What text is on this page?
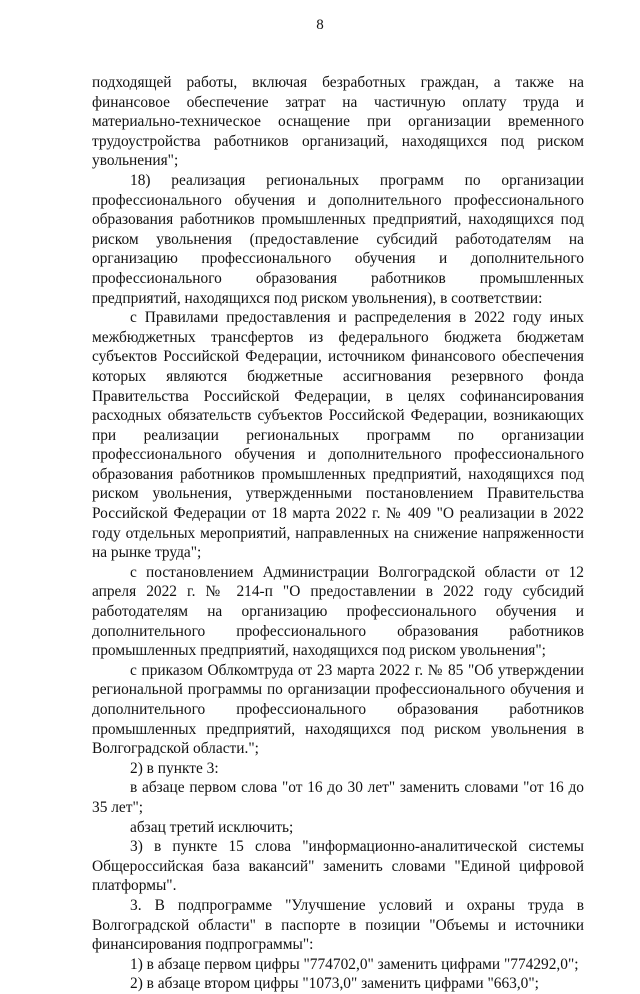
8

подходящей работы, включая безработных граждан, а также на финансовое обеспечение затрат на частичную оплату труда и материально-техническое оснащение при организации временного трудоустройства работников организаций, находящихся под риском увольнения";

18) реализация региональных программ по организации профессионального обучения и дополнительного профессионального образования работников промышленных предприятий, находящихся под риском увольнения (предоставление субсидий работодателям на организацию профессионального обучения и дополнительного профессионального образования работников промышленных предприятий, находящихся под риском увольнения), в соответствии:

с Правилами предоставления и распределения в 2022 году иных межбюджетных трансфертов из федерального бюджета бюджетам субъектов Российской Федерации, источником финансового обеспечения которых являются бюджетные ассигнования резервного фонда Правительства Российской Федерации, в целях софинансирования расходных обязательств субъектов Российской Федерации, возникающих при реализации региональных программ по организации профессионального обучения и дополнительного профессионального образования работников промышленных предприятий, находящихся под риском увольнения, утвержденными постановлением Правительства Российской Федерации от 18 марта 2022 г. № 409 "О реализации в 2022 году отдельных мероприятий, направленных на снижение напряженности на рынке труда";

с постановлением Администрации Волгоградской области от 12 апреля 2022 г. № 214-п "О предоставлении в 2022 году субсидий работодателям на организацию профессионального обучения и дополнительного профессионального образования работников промышленных предприятий, находящихся под риском увольнения";

с приказом Облкомтруда от 23 марта 2022 г. № 85 "Об утверждении региональной программы по организации профессионального обучения и дополнительного профессионального образования работников промышленных предприятий, находящихся под риском увольнения в Волгоградской области.";

2) в пункте 3:

в абзаце первом слова "от 16 до 30 лет" заменить словами "от 16 до 35 лет";

абзац третий исключить;

3) в пункте 15 слова "информационно-аналитической системы Общероссийская база вакансий" заменить словами "Единой цифровой платформы".

3. В подпрограмме "Улучшение условий и охраны труда в Волгоградской области" в паспорте в позиции "Объемы и источники финансирования подпрограммы":

1) в абзаце первом цифры "774702,0" заменить цифрами "774292,0";

2) в абзаце втором цифры "1073,0" заменить цифрами "663,0";
